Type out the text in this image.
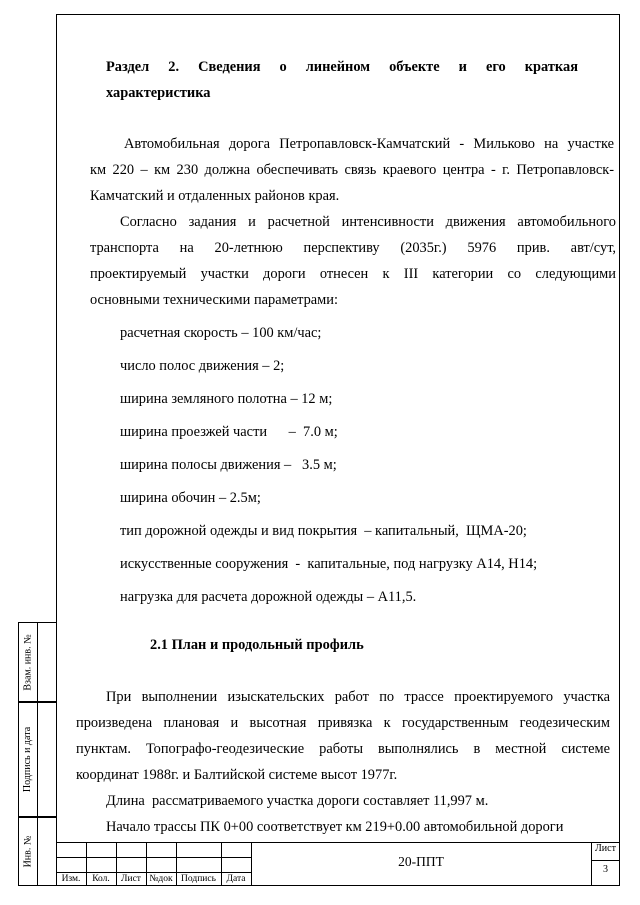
Раздел 2. Сведения о линейном объекте и его краткая
характеристика
Автомобильная дорога Петропавловск-Камчатский - Мильково на участке
км 220 – км 230 должна обеспечивать связь краевого центра - г. Петропавловск-
Камчатский и отдаленных районов края.
Согласно задания и расчетной интенсивности движения автомобильного
транспорта на 20-летнюю перспективу (2035г.) 5976 прив. авт/сут,
проектируемый участки дороги отнесен к III категории со следующими
основными техническими параметрами:
расчетная скорость – 100 км/час;
число полос движения – 2;
ширина земляного полотна – 12 м;
ширина проезжей части      –  7.0 м;
ширина полосы движения –   3.5 м;
ширина обочин – 2.5м;
тип дорожной одежды и вид покрытия  – капитальный,  ЩМА-20;
искусственные сооружения  -  капитальные, под нагрузку А14, Н14;
нагрузка для расчета дорожной одежды – А11,5.
2.1 План и продольный профиль
При выполнении изыскательских работ по трассе проектируемого участка
произведена плановая и высотная привязка к государственным геодезическим
пунктам. Топографо-геодезические работы выполнялись в местной системе
координат 1988г. и Балтийской системе высот 1977г.
Длина  рассматриваемого участка дороги составляет 11,997 м.
Начало трассы ПК 0+00 соответствует км 219+0.00 автомобильной дороги
Взам. инв. №
Подпись и дата
Инв. №
Изм.	Кол.	Лист №док Подпись	Дата
20-ППТ
Лист
3
